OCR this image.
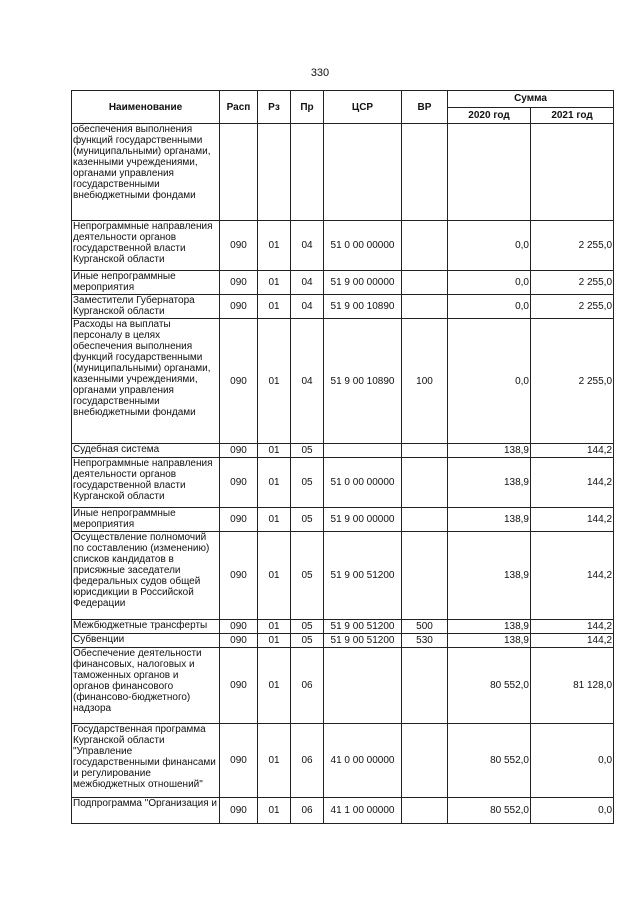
330
Наименование	Расп	Рз	Пр	ЦСР	ВР	Сумма	
						2020 год	2021 год
обеспечения выполнения функций государственными (муниципальными) органами, казенными учреждениями, органами управления государственными внебюджетными фондами							
Непрограммные направления деятельности органов государственной власти Курганской области	090	01	04	51 0 00 00000		0,0	2 255,0
Иные непрограммные мероприятия	090	01	04	51 9 00 00000		0,0	2 255,0
Заместители Губернатора Курганской области	090	01	04	51 9 00 10890		0,0	2 255,0
Расходы на выплаты персоналу в целях обеспечения выполнения функций государственными (муниципальными) органами, казенными учреждениями, органами управления государственными внебюджетными фондами	090	01	04	51 9 00 10890	100	0,0	2 255,0
Судебная система	090	01	05			138,9	144,2
Непрограммные направления деятельности органов государственной власти Курганской области	090	01	05	51 0 00 00000		138,9	144,2
Иные непрограммные мероприятия	090	01	05	51 9 00 00000		138,9	144,2
Осуществление полномочий по составлению (изменению) списков кандидатов в присяжные заседатели федеральных судов общей юрисдикции в Российской Федерации	090	01	05	51 9 00 51200		138,9	144,2
Межбюджетные трансферты	090	01	05	51 9 00 51200	500	138,9	144,2
Субвенции	090	01	05	51 9 00 51200	530	138,9	144,2
Обеспечение деятельности финансовых, налоговых и таможенных органов и органов финансового (финансово-бюджетного) надзора	090	01	06			80 552,0	81 128,0
Государственная программа Курганской области "Управление государственными финансами и регулирование межбюджетных отношений"	090	01	06	41 0 00 00000		80 552,0	0,0
Подпрограмма "Организация и	090	01	06	41 1 00 00000		80 552,0	0,0
